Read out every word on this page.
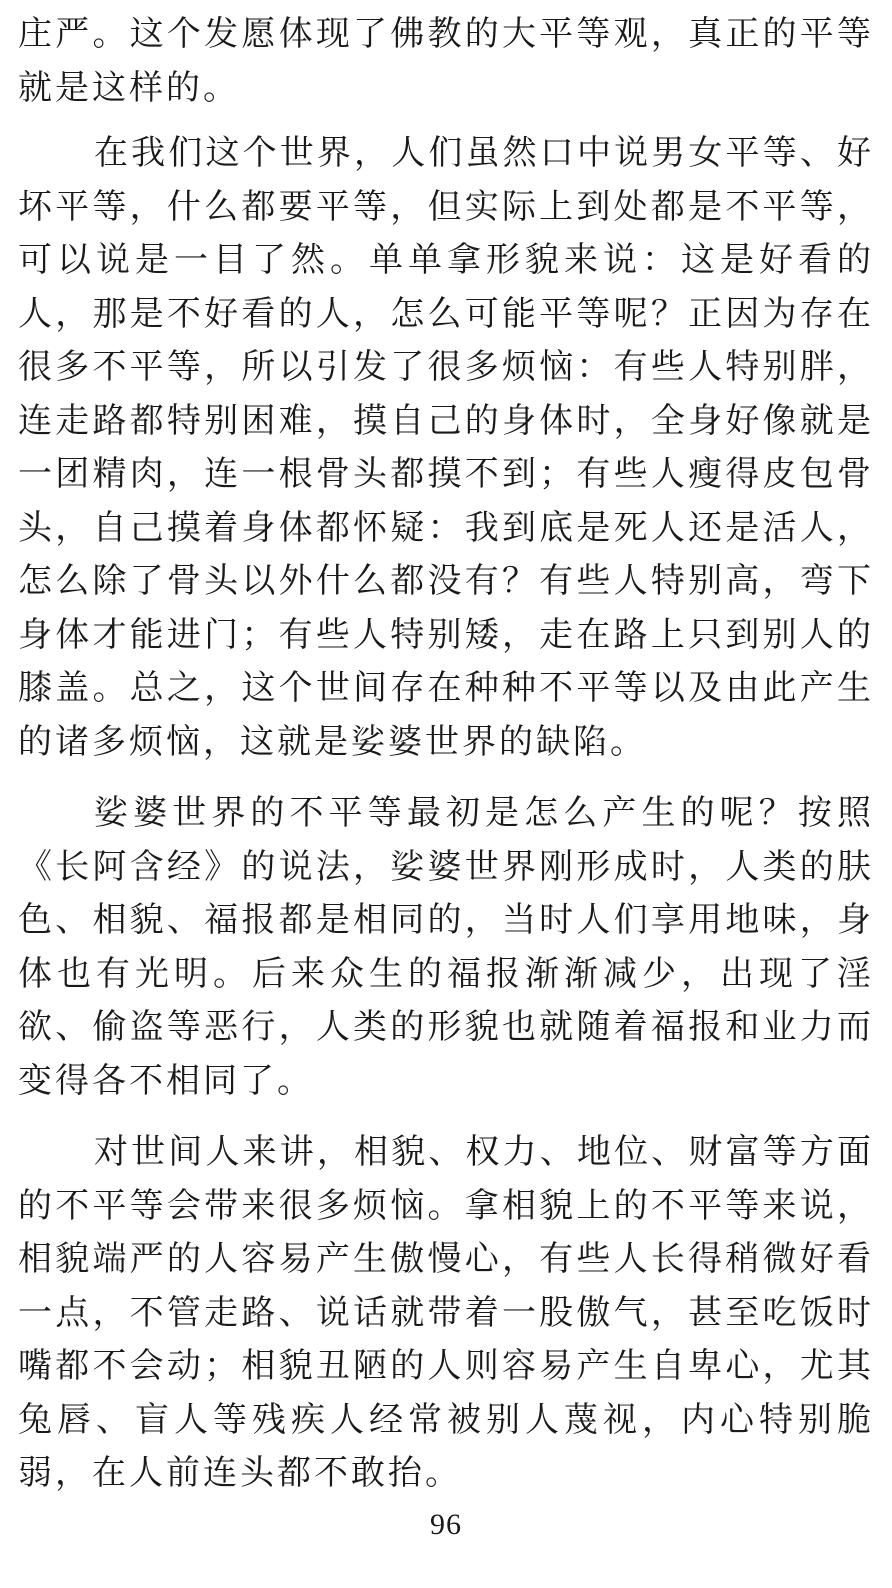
庄严。这个发愿体现了佛教的大平等观，真正的平等就是这样的。

在我们这个世界，人们虽然口中说男女平等、好坏平等，什么都要平等，但实际上到处都是不平等，可以说是一目了然。单单拿形貌来说：这是好看的人，那是不好看的人，怎么可能平等呢？正因为存在很多不平等，所以引发了很多烦恼：有些人特别胖，连走路都特别困难，摸自己的身体时，全身好像就是一团精肉，连一根骨头都摸不到；有些人瘦得皮包骨头，自己摸着身体都怀疑：我到底是死人还是活人，怎么除了骨头以外什么都没有？有些人特别高，弯下身体才能进门；有些人特别矮，走在路上只到别人的膝盖。总之，这个世间存在种种不平等以及由此产生的诸多烦恼，这就是娑婆世界的缺陷。

娑婆世界的不平等最初是怎么产生的呢？按照《长阿含经》的说法，娑婆世界刚形成时，人类的肤色、相貌、福报都是相同的，当时人们享用地味，身体也有光明。后来众生的福报渐渐减少，出现了淫欲、偷盗等恶行，人类的形貌也就随着福报和业力而变得各不相同了。

对世间人来讲，相貌、权力、地位、财富等方面的不平等会带来很多烦恼。拿相貌上的不平等来说，相貌端严的人容易产生傲慢心，有些人长得稍微好看一点，不管走路、说话就带着一股傲气，甚至吃饭时嘴都不会动；相貌丑陋的人则容易产生自卑心，尤其兔唇、盲人等残疾人经常被别人蔑视，内心特别脆弱，在人前连头都不敢抬。

96
